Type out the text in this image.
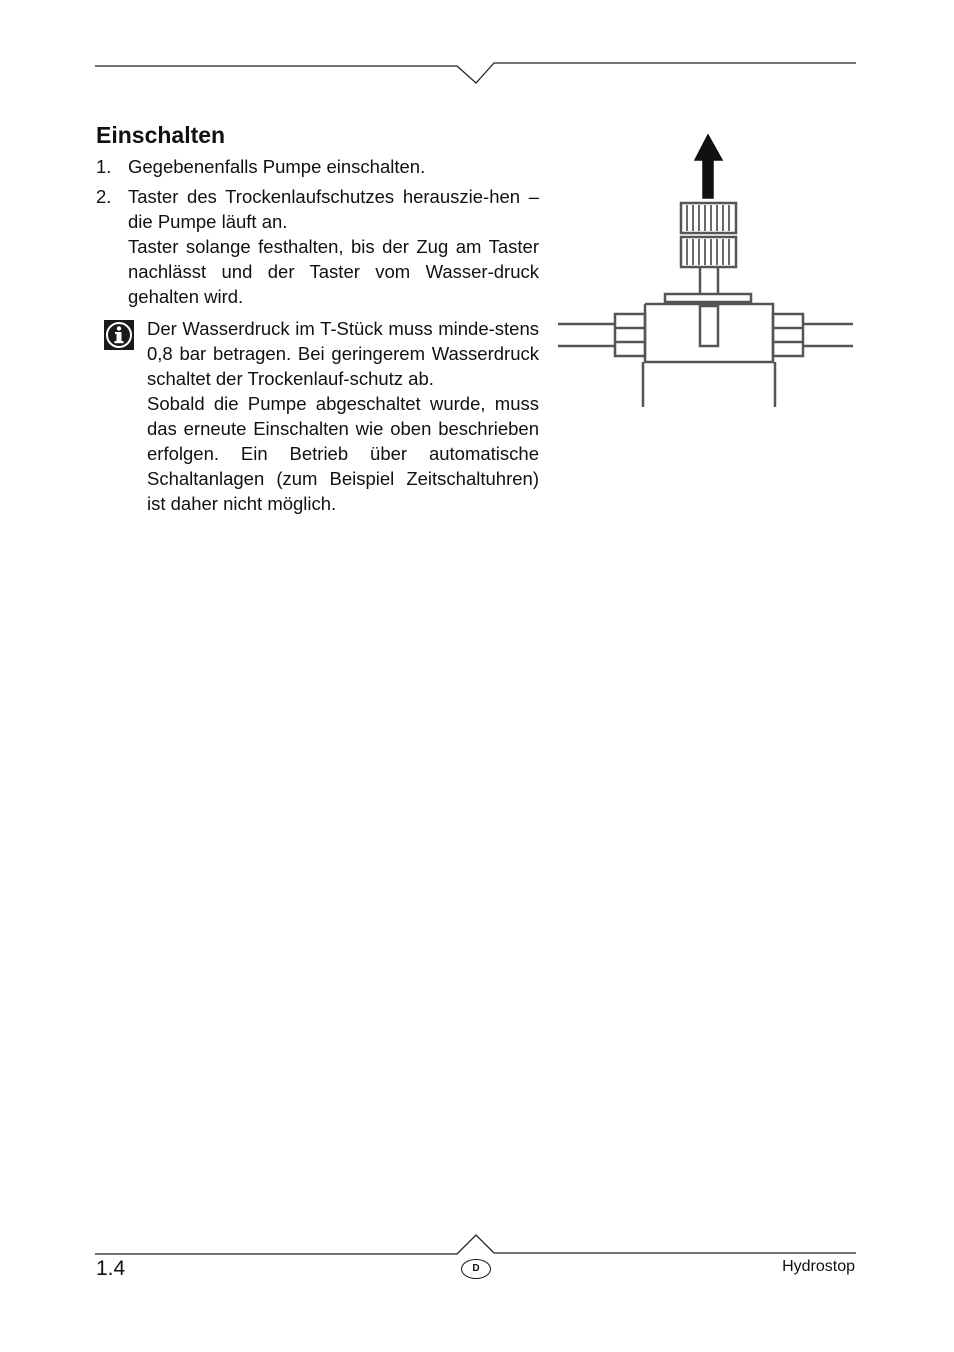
Einschalten
1. Gegebenenfalls Pumpe einschalten.

2. Taster des Trockenlaufschutzes herauszie-hen – die Pumpe läuft an.

Taster solange festhalten, bis der Zug am Taster nachlässt und der Taster vom Wasser-druck gehalten wird.

Der Wasserdruck im T-Stück muss minde-stens 0,8 bar betragen. Bei geringerem Wasserdruck schaltet der Trockenlauf-schutz ab.

Sobald die Pumpe abgeschaltet wurde, muss das erneute Einschalten wie oben beschrieben erfolgen. Ein Betrieb über automatische Schaltanlagen (zum Beispiel Zeitschaltuhren) ist daher nicht möglich.

1.4	D	Hydrostop
